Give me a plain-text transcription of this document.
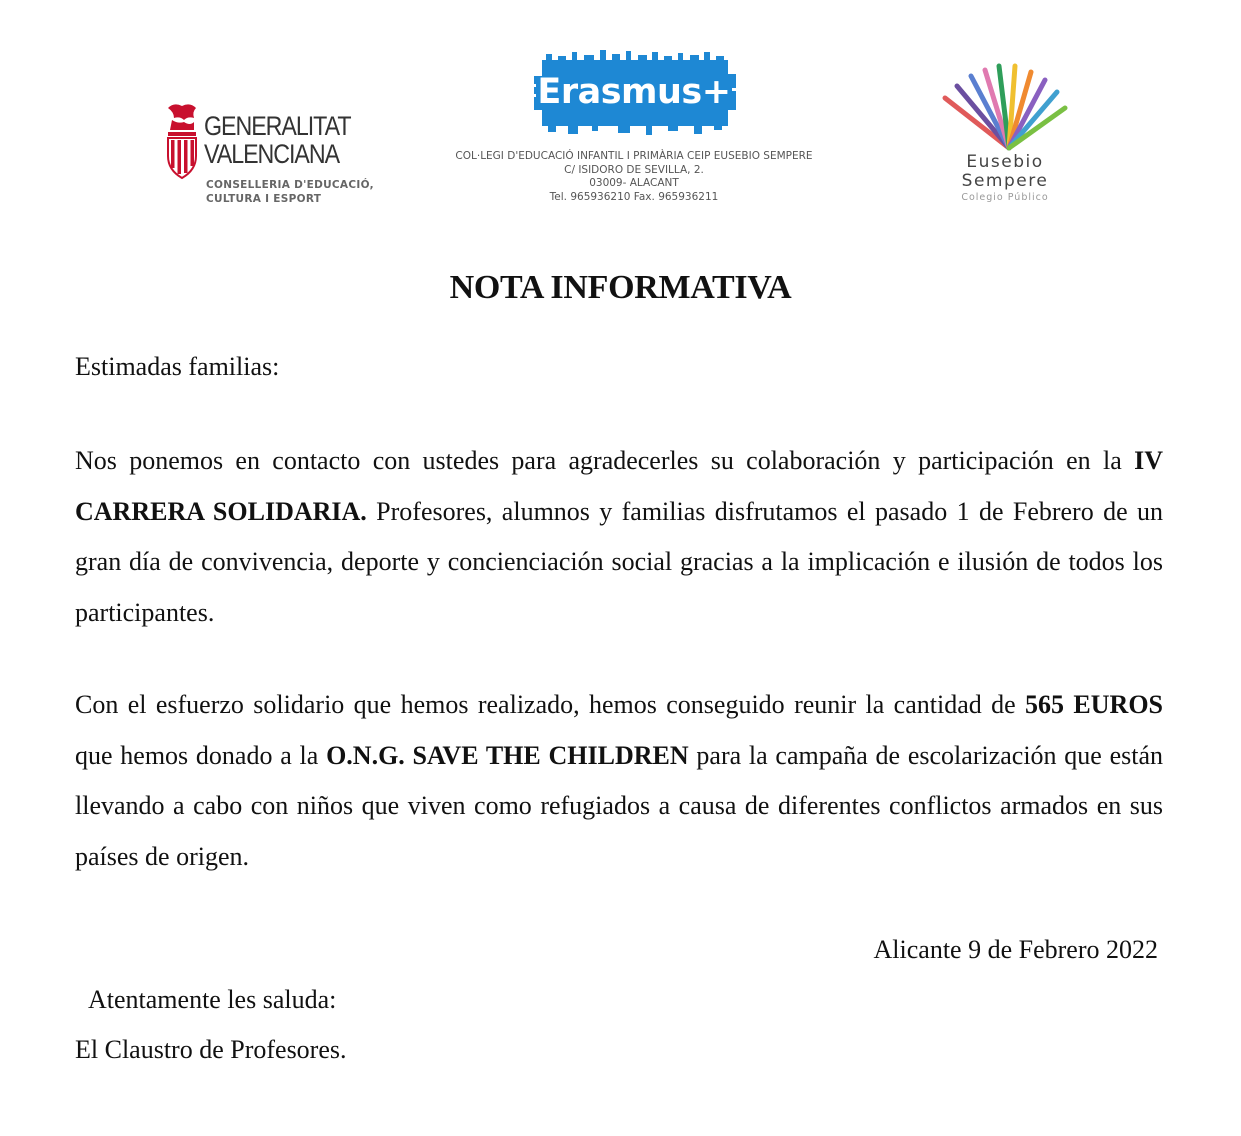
GENERALITAT
VALENCIANA
CONSELLERIA D'EDUCACIÓ,
CULTURA I ESPORT
Erasmus+
COL·LEGI D'EDUCACIÓ INFANTIL I PRIMÀRIA CEIP EUSEBIO SEMPERE
C/ ISIDORO DE SEVILLA, 2.
03009- ALACANT
Tel. 965936210 Fax. 965936211
Eusebio
Sempere
Colegio Público
NOTA INFORMATIVA
Estimadas familias:
Nos ponemos en contacto con ustedes para agradecerles su colaboración y participación en la IV CARRERA SOLIDARIA. Profesores, alumnos y familias disfrutamos el pasado 1 de Febrero de un gran día de convivencia, deporte y concienciación social gracias a la implicación e ilusión de todos los participantes.
Con el esfuerzo solidario que hemos realizado, hemos conseguido reunir la cantidad de 565 EUROS que hemos donado a la O.N.G. SAVE THE CHILDREN para la campaña de escolarización que están llevando a cabo con niños que viven como refugiados a causa de diferentes conflictos armados en sus países de origen.
Alicante 9 de Febrero 2022
Atentamente les saluda:
El Claustro de Profesores.
